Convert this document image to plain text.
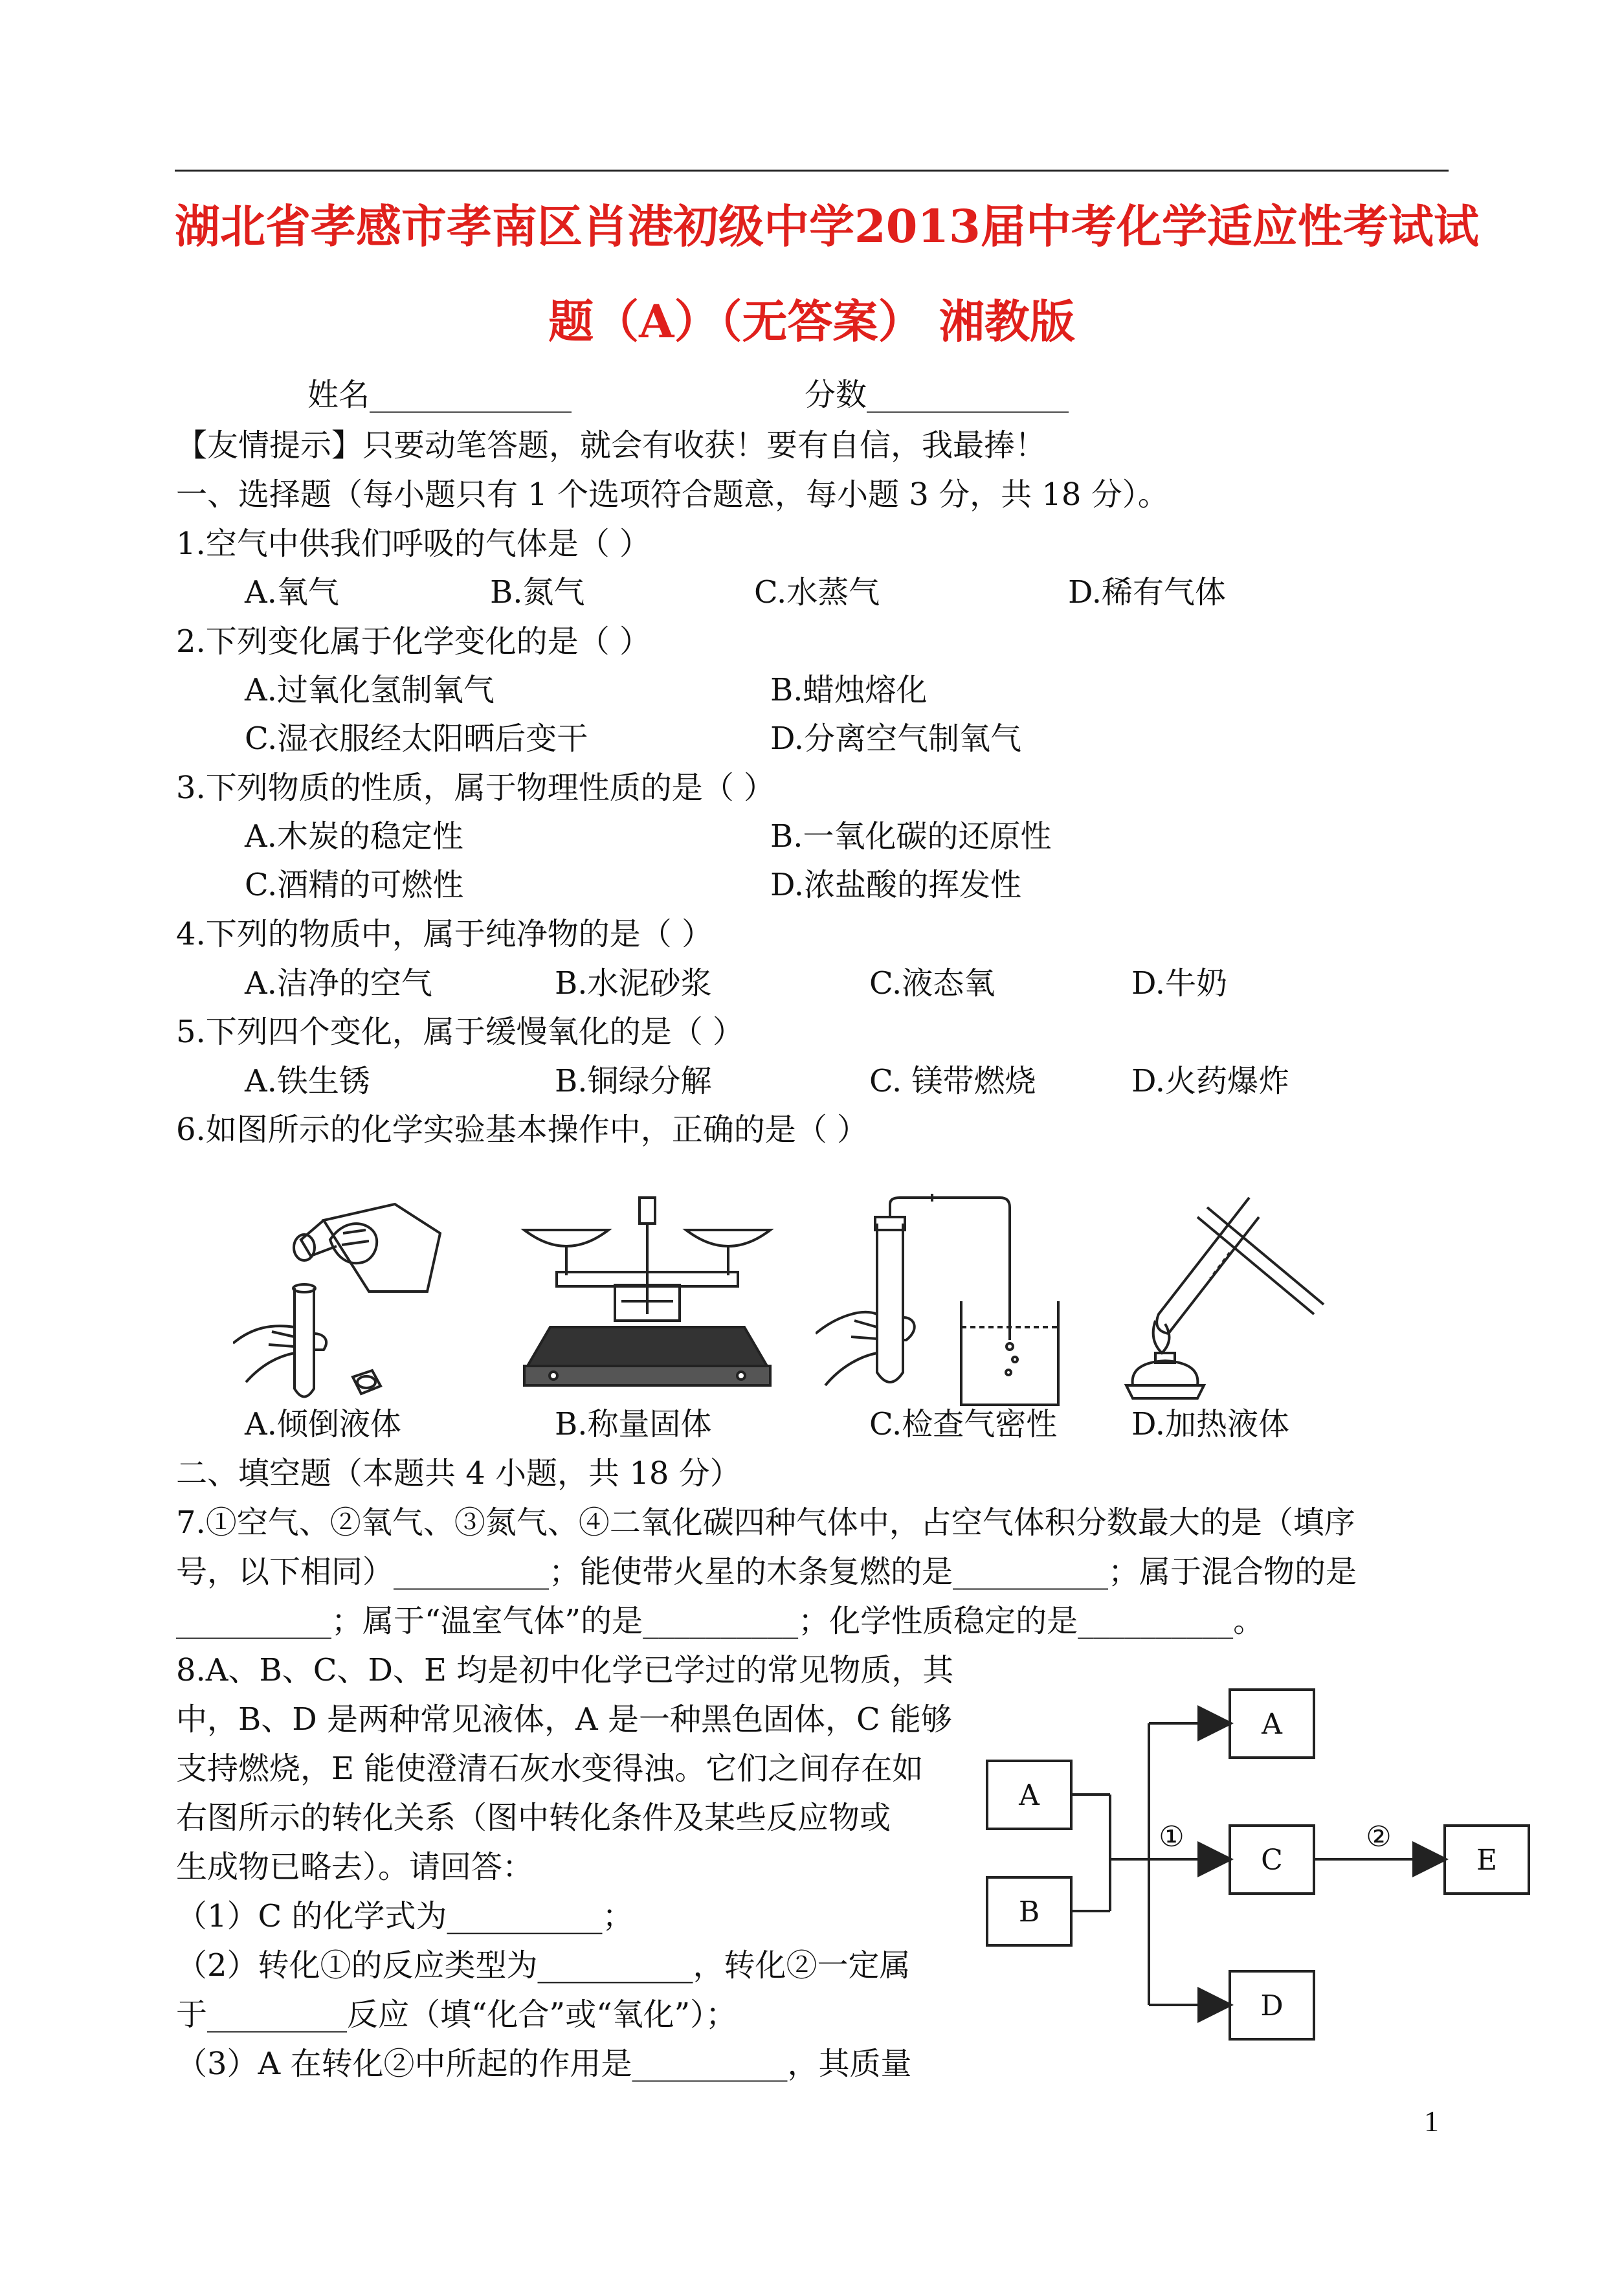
湖北省孝感市孝南区肖港初级中学2013届中考化学适应性考试试
题（A）（无答案） 湘教版
姓名_____________	分数_____________
【友情提示】只要动笔答题，就会有收获！要有自信，我最捧！
一、选择题（每小题只有 1 个选项符合题意，每小题 3 分，共 18 分）。
1.空气中供我们呼吸的气体是（ ）
A.氧气	B.氮气	C.水蒸气	D.稀有气体
2.下列变化属于化学变化的是（ ）
A.过氧化氢制氧气	B.蜡烛熔化
C.湿衣服经太阳晒后变干	D.分离空气制氧气
3.下列物质的性质，属于物理性质的是（ ）
A.木炭的稳定性	B.一氧化碳的还原性
C.酒精的可燃性	D.浓盐酸的挥发性
4.下列的物质中，属于纯净物的是（ ）
A.洁净的空气	B.水泥砂浆	C.液态氧	D.牛奶
5.下列四个变化，属于缓慢氧化的是（ ）
A.铁生锈	B.铜绿分解	C. 镁带燃烧	D.火药爆炸
6.如图所示的化学实验基本操作中，正确的是（ ）
A.倾倒液体	B.称量固体	C.检查气密性 D.加热液体
二、填空题（本题共 4 小题，共 18 分）
7.①空气、②氧气、③氮气、④二氧化碳四种气体中，占空气体积分数最大的是（填序
号，以下相同）__________；能使带火星的木条复燃的是__________；属于混合物的是
__________；属于“温室气体”的是__________；化学性质稳定的是__________。
8.A、B、C、D、E 均是初中化学已学过的常见物质，其
中，B、D 是两种常见液体，A 是一种黑色固体，C 能够
支持燃烧，E 能使澄清石灰水变得浊。它们之间存在如
右图所示的转化关系（图中转化条件及某些反应物或
生成物已略去）。请回答：
（1）C 的化学式为__________；
（2）转化①的反应类型为__________，转化②一定属
于_________反应（填“化合”或“氧化”）；
（3）A 在转化②中所起的作用是__________，其质量
A
B
A
C
D
E
①	②
1
